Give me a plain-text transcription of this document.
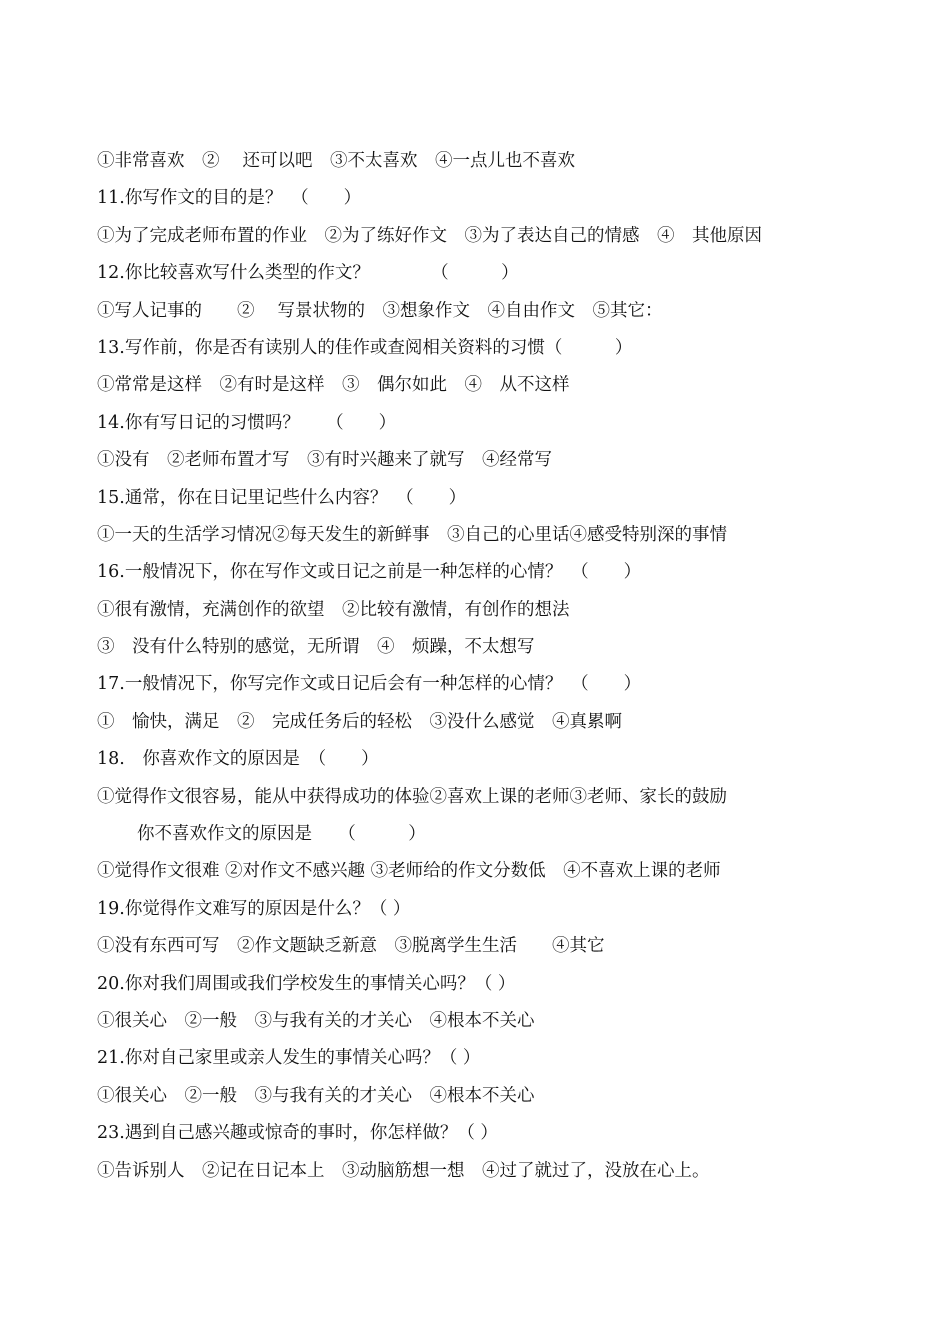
①非常喜欢　②　 还可以吧　③不太喜欢　④一点儿也不喜欢
11.你写作文的目的是？　（　　）
①为了完成老师布置的作业　②为了练好作文　③为了表达自己的情感　④　其他原因
12.你比较喜欢写什么类型的作文？　　　　（　　　）
①写人记事的　　②　 写景状物的　③想象作文　④自由作文　⑤其它：
13.写作前，你是否有读别人的佳作或查阅相关资料的习惯（　　　）
①常常是这样　②有时是这样　③　偶尔如此　④　从不这样
14.你有写日记的习惯吗？　　（　　）
①没有　②老师布置才写　③有时兴趣来了就写　④经常写
15.通常，你在日记里记些什么内容？　（　　）
①一天的生活学习情况②每天发生的新鲜事　③自己的心里话④感受特别深的事情
16.一般情况下，你在写作文或日记之前是一种怎样的心情？　（　　）
①很有激情，充满创作的欲望　②比较有激情，有创作的想法
③　没有什么特别的感觉，无所谓　④　烦躁，不太想写
17.一般情况下，你写完作文或日记后会有一种怎样的心情？　（　　）
①　愉快，满足　②　完成任务后的轻松　③没什么感觉　④真累啊
18.　你喜欢作文的原因是　（　　）
①觉得作文很容易，能从中获得成功的体验②喜欢上课的老师③老师、家长的鼓励
你不喜欢作文的原因是　　（　　　）
①觉得作文很难 ②对作文不感兴趣 ③老师给的作文分数低　④不喜欢上课的老师
19.你觉得作文难写的原因是什么？（ ）
①没有东西可写　②作文题缺乏新意　③脱离学生生活　　④其它
20.你对我们周围或我们学校发生的事情关心吗？（ ）
①很关心　②一般　③与我有关的才关心　④根本不关心
21.你对自己家里或亲人发生的事情关心吗？（ ）
①很关心　②一般　③与我有关的才关心　④根本不关心
23.遇到自己感兴趣或惊奇的事时，你怎样做？（ ）
①告诉别人　②记在日记本上　③动脑筋想一想　④过了就过了，没放在心上。
